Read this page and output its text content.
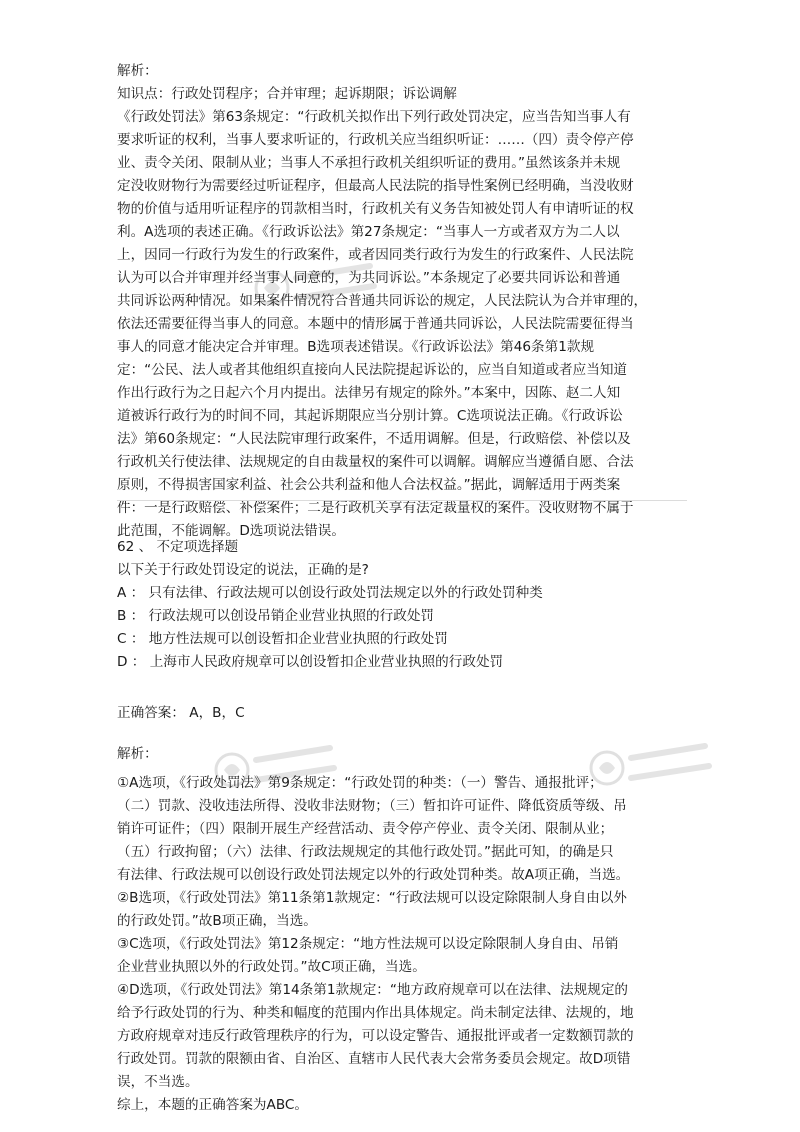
解析：
知识点：行政处罚程序；合并审理；起诉期限；诉讼调解
《行政处罚法》第63条规定：“行政机关拟作出下列行政处罚决定，应当告知当事人有
要求听证的权利，当事人要求听证的，行政机关应当组织听证：……（四）责令停产停
业、责令关闭、限制从业；当事人不承担行政机关组织听证的费用。”虽然该条并未规
定没收财物行为需要经过听证程序，但最高人民法院的指导性案例已经明确，当没收财
物的价值与适用听证程序的罚款相当时，行政机关有义务告知被处罚人有申请听证的权
利。A选项的表述正确。《行政诉讼法》第27条规定：“当事人一方或者双方为二人以
上，因同一行政行为发生的行政案件，或者因同类行政行为发生的行政案件、人民法院
认为可以合并审理并经当事人同意的，为共同诉讼。”本条规定了必要共同诉讼和普通
共同诉讼两种情况。如果案件情况符合普通共同诉讼的规定，人民法院认为合并审理的，
依法还需要征得当事人的同意。本题中的情形属于普通共同诉讼，人民法院需要征得当
事人的同意才能决定合并审理。B选项表述错误。《行政诉讼法》第46条第1款规
定：“公民、法人或者其他组织直接向人民法院提起诉讼的，应当自知道或者应当知道
作出行政行为之日起六个月内提出。法律另有规定的除外。”本案中，因陈、赵二人知
道被诉行政行为的时间不同，其起诉期限应当分别计算。C选项说法正确。《行政诉讼
法》第60条规定：“人民法院审理行政案件，不适用调解。但是，行政赔偿、补偿以及
行政机关行使法律、法规规定的自由裁量权的案件可以调解。调解应当遵循自愿、合法
原则，不得损害国家利益、社会公共利益和他人合法权益。”据此，调解适用于两类案
件：一是行政赔偿、补偿案件；二是行政机关享有法定裁量权的案件。没收财物不属于
此范围，不能调解。D选项说法错误。
62 、 不定项选择题
以下关于行政处罚设定的说法，正确的是?
A ： 只有法律、行政法规可以创设行政处罚法规定以外的行政处罚种类
B ： 行政法规可以创设吊销企业营业执照的行政处罚
C ： 地方性法规可以创设暂扣企业营业执照的行政处罚
D ： 上海市人民政府规章可以创设暂扣企业营业执照的行政处罚
正确答案： A，B，C
解析：
①A选项，《行政处罚法》第9条规定：“行政处罚的种类：（一）警告、通报批评；
（二）罚款、没收违法所得、没收非法财物；（三）暂扣许可证件、降低资质等级、吊
销许可证件；（四）限制开展生产经营活动、责令停产停业、责令关闭、限制从业；
（五）行政拘留；（六）法律、行政法规规定的其他行政处罚。”据此可知，的确是只
有法律、行政法规可以创设行政处罚法规定以外的行政处罚种类。故A项正确，当选。
②B选项，《行政处罚法》第11条第1款规定：“行政法规可以设定除限制人身自由以外
的行政处罚。”故B项正确，当选。
③C选项，《行政处罚法》第12条规定：“地方性法规可以设定除限制人身自由、吊销
企业营业执照以外的行政处罚。”故C项正确，当选。
④D选项，《行政处罚法》第14条第1款规定：“地方政府规章可以在法律、法规规定的
给予行政处罚的行为、种类和幅度的范围内作出具体规定。尚未制定法律、法规的，地
方政府规章对违反行政管理秩序的行为，可以设定警告、通报批评或者一定数额罚款的
行政处罚。罚款的限额由省、自治区、直辖市人民代表大会常务委员会规定。故D项错
误，不当选。
综上，本题的正确答案为ABC。
